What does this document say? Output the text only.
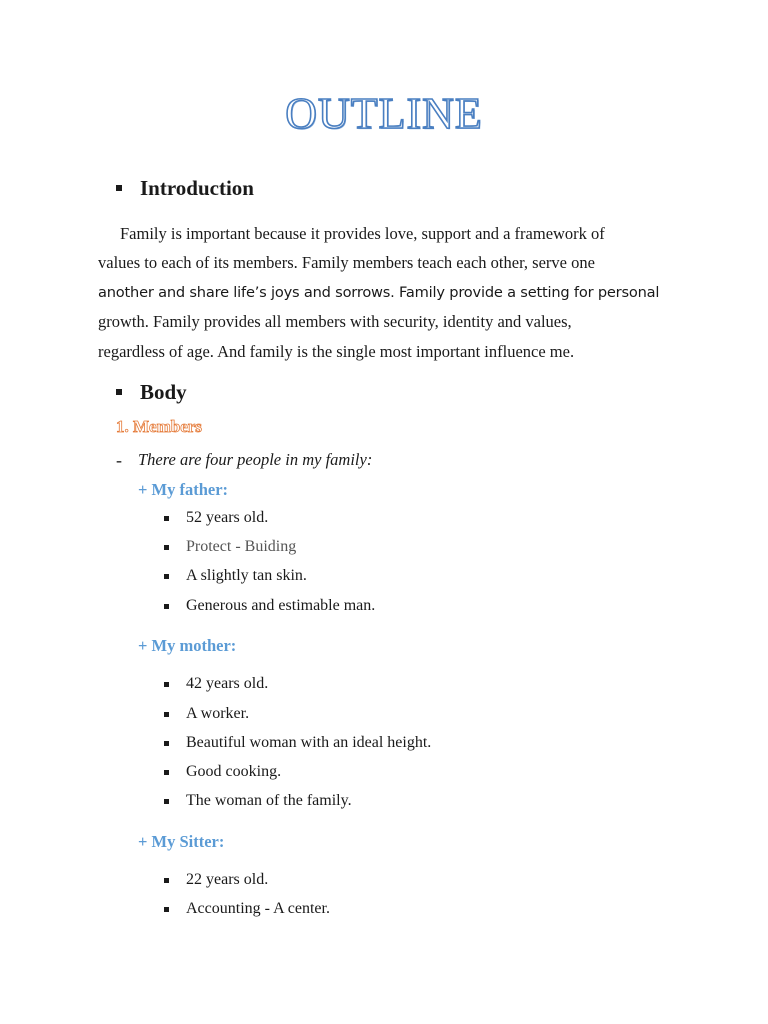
OUTLINE
Introduction
Family is important because it provides love, support and a framework of
values to each of its members. Family members teach each other, serve one
another and share life’s joys and sorrows. Family provide a setting for personal
growth. Family provides all members with security, identity and values,
regardless of age. And family is the single most important influence me.
Body
1. Members
- There are four people in my family:
+ My father:
52 years old.
Protect - Buiding
A slightly tan skin.
Generous and estimable man.
+ My mother:
42 years old.
A worker.
Beautiful woman with an ideal height.
Good cooking.
The woman of the family.
+ My Sitter:
22 years old.
Accounting - A center.
